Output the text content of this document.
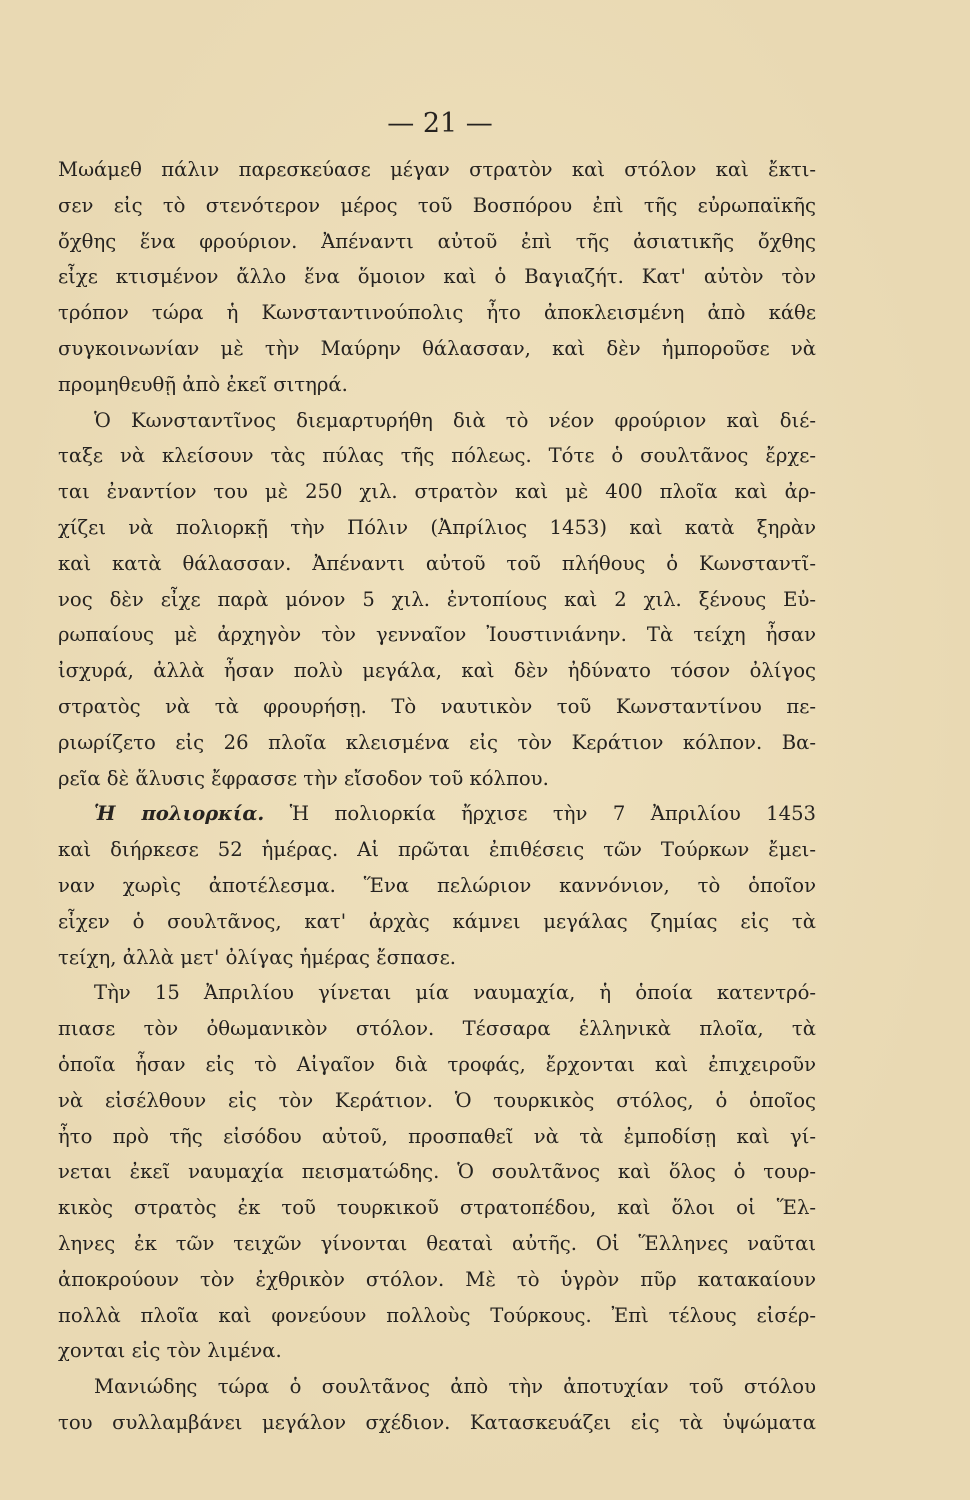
— 21 —
Μωάμεθ πάλιν παρεσκεύασε μέγαν στρατὸν καὶ στόλον καὶ ἔκτι-
σεν εἰς τὸ στενότερον μέρος τοῦ Βοσπόρου ἐπὶ τῆς εὐρωπαϊκῆς
ὄχθης ἕνα φρούριον. Ἀπέναντι αὐτοῦ ἐπὶ τῆς ἀσιατικῆς ὄχθης
εἶχε κτισμένον ἄλλο ἕνα ὅμοιον καὶ ὁ Βαγιαζήτ. Κατ' αὐτὸν τὸν
τρόπον τώρα ἡ Κωνσταντινούπολις ἦτο ἀποκλεισμένη ἀπὸ κάθε
συγκοινωνίαν μὲ τὴν Μαύρην θάλασσαν, καὶ δὲν ἠμποροῦσε νὰ
προμηθευθῇ ἀπὸ ἐκεῖ σιτηρά.
Ὁ Κωνσταντῖνος διεμαρτυρήθη διὰ τὸ νέον φρούριον καὶ διέ-
ταξε νὰ κλείσουν τὰς πύλας τῆς πόλεως. Τότε ὁ σουλτᾶνος ἔρχε-
ται ἐναντίον του μὲ 250 χιλ. στρατὸν καὶ μὲ 400 πλοῖα καὶ ἀρ-
χίζει νὰ πολιορκῇ τὴν Πόλιν (Ἀπρίλιος 1453) καὶ κατὰ ξηρὰν
καὶ κατὰ θάλασσαν. Ἀπέναντι αὐτοῦ τοῦ πλήθους ὁ Κωνσταντῖ-
νος δὲν εἶχε παρὰ μόνον 5 χιλ. ἐντοπίους καὶ 2 χιλ. ξένους Εὐ-
ρωπαίους μὲ ἀρχηγὸν τὸν γενναῖον Ἰουστινιάνην. Τὰ τείχη ἦσαν
ἰσχυρά, ἀλλὰ ἦσαν πολὺ μεγάλα, καὶ δὲν ἠδύνατο τόσον ὀλίγος
στρατὸς νὰ τὰ φρουρήσῃ. Τὸ ναυτικὸν τοῦ Κωνσταντίνου πε-
ριωρίζετο εἰς 26 πλοῖα κλεισμένα εἰς τὸν Κεράτιον κόλπον. Βα-
ρεῖα δὲ ἅλυσις ἔφρασσε τὴν εἴσοδον τοῦ κόλπου.
Ἡ πολιορκία. Ἡ πολιορκία ἤρχισε τὴν 7 Ἀπριλίου 1453
καὶ διήρκεσε 52 ἡμέρας. Αἱ πρῶται ἐπιθέσεις τῶν Τούρκων ἔμει-
ναν χωρὶς ἀποτέλεσμα. Ἕνα πελώριον καννόνιον, τὸ ὁποῖον
εἶχεν ὁ σουλτᾶνος, κατ' ἀρχὰς κάμνει μεγάλας ζημίας εἰς τὰ
τείχη, ἀλλὰ μετ' ὀλίγας ἡμέρας ἔσπασε.
Τὴν 15 Ἀπριλίου γίνεται μία ναυμαχία, ἡ ὁποία κατεντρό-
πιασε τὸν ὀθωμανικὸν στόλον. Τέσσαρα ἑλληνικὰ πλοῖα, τὰ
ὁποῖα ἦσαν εἰς τὸ Αἰγαῖον διὰ τροφάς, ἔρχονται καὶ ἐπιχειροῦν
νὰ εἰσέλθουν εἰς τὸν Κεράτιον. Ὁ τουρκικὸς στόλος, ὁ ὁποῖος
ἦτο πρὸ τῆς εἰσόδου αὐτοῦ, προσπαθεῖ νὰ τὰ ἐμποδίσῃ καὶ γί-
νεται ἐκεῖ ναυμαχία πεισματώδης. Ὁ σουλτᾶνος καὶ ὅλος ὁ τουρ-
κικὸς στρατὸς ἐκ τοῦ τουρκικοῦ στρατοπέδου, καὶ ὅλοι οἱ Ἕλ-
ληνες ἐκ τῶν τειχῶν γίνονται θεαταὶ αὐτῆς. Οἱ Ἕλληνες ναῦται
ἀποκρούουν τὸν ἐχθρικὸν στόλον. Μὲ τὸ ὑγρὸν πῦρ κατακαίουν
πολλὰ πλοῖα καὶ φονεύουν πολλοὺς Τούρκους. Ἐπὶ τέλους εἰσέρ-
χονται εἰς τὸν λιμένα.
Μανιώδης τώρα ὁ σουλτᾶνος ἀπὸ τὴν ἀποτυχίαν τοῦ στόλου
του συλλαμβάνει μεγάλον σχέδιον. Κατασκευάζει εἰς τὰ ὑψώματα
